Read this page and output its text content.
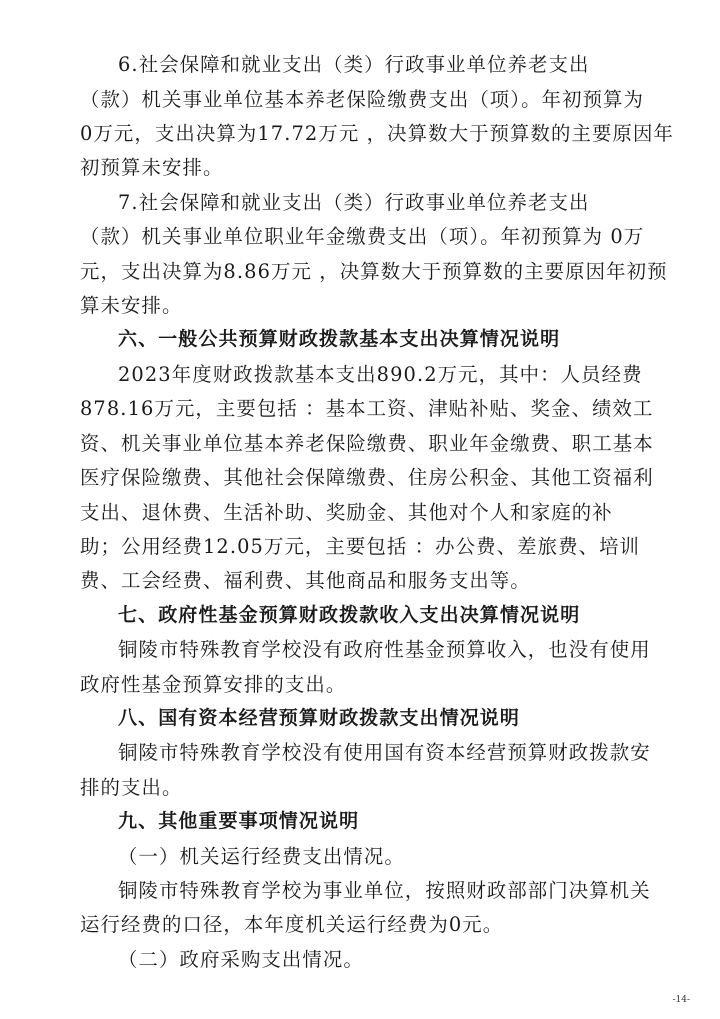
6.社会保障和就业支出（类）行政事业单位养老支出
（款）机关事业单位基本养老保险缴费支出（项）。年初预算为
0万元，支出决算为17.72万元 ，决算数大于预算数的主要原因年
初预算未安排。
7.社会保障和就业支出（类）行政事业单位养老支出
（款）机关事业单位职业年金缴费支出（项）。年初预算为 0万
元，支出决算为8.86万元 ，决算数大于预算数的主要原因年初预
算未安排。
六、一般公共预算财政拨款基本支出决算情况说明
2023年度财政拨款基本支出890.2万元，其中：人员经费
878.16万元，主要包括 ：基本工资、津贴补贴、奖金、绩效工
资、机关事业单位基本养老保险缴费、职业年金缴费、职工基本
医疗保险缴费、其他社会保障缴费、住房公积金、其他工资福利
支出、退休费、生活补助、奖励金、其他对个人和家庭的补
助；公用经费12.05万元，主要包括 ：办公费、差旅费、培训
费、工会经费、福利费、其他商品和服务支出等。
七、政府性基金预算财政拨款收入支出决算情况说明
铜陵市特殊教育学校没有政府性基金预算收入，也没有使用
政府性基金预算安排的支出。
八、国有资本经营预算财政拨款支出情况说明
铜陵市特殊教育学校没有使用国有资本经营预算财政拨款安
排的支出。
九、其他重要事项情况说明
（一）机关运行经费支出情况。
铜陵市特殊教育学校为事业单位，按照财政部部门决算机关
运行经费的口径，本年度机关运行经费为0元。
（二）政府采购支出情况。
-14-
